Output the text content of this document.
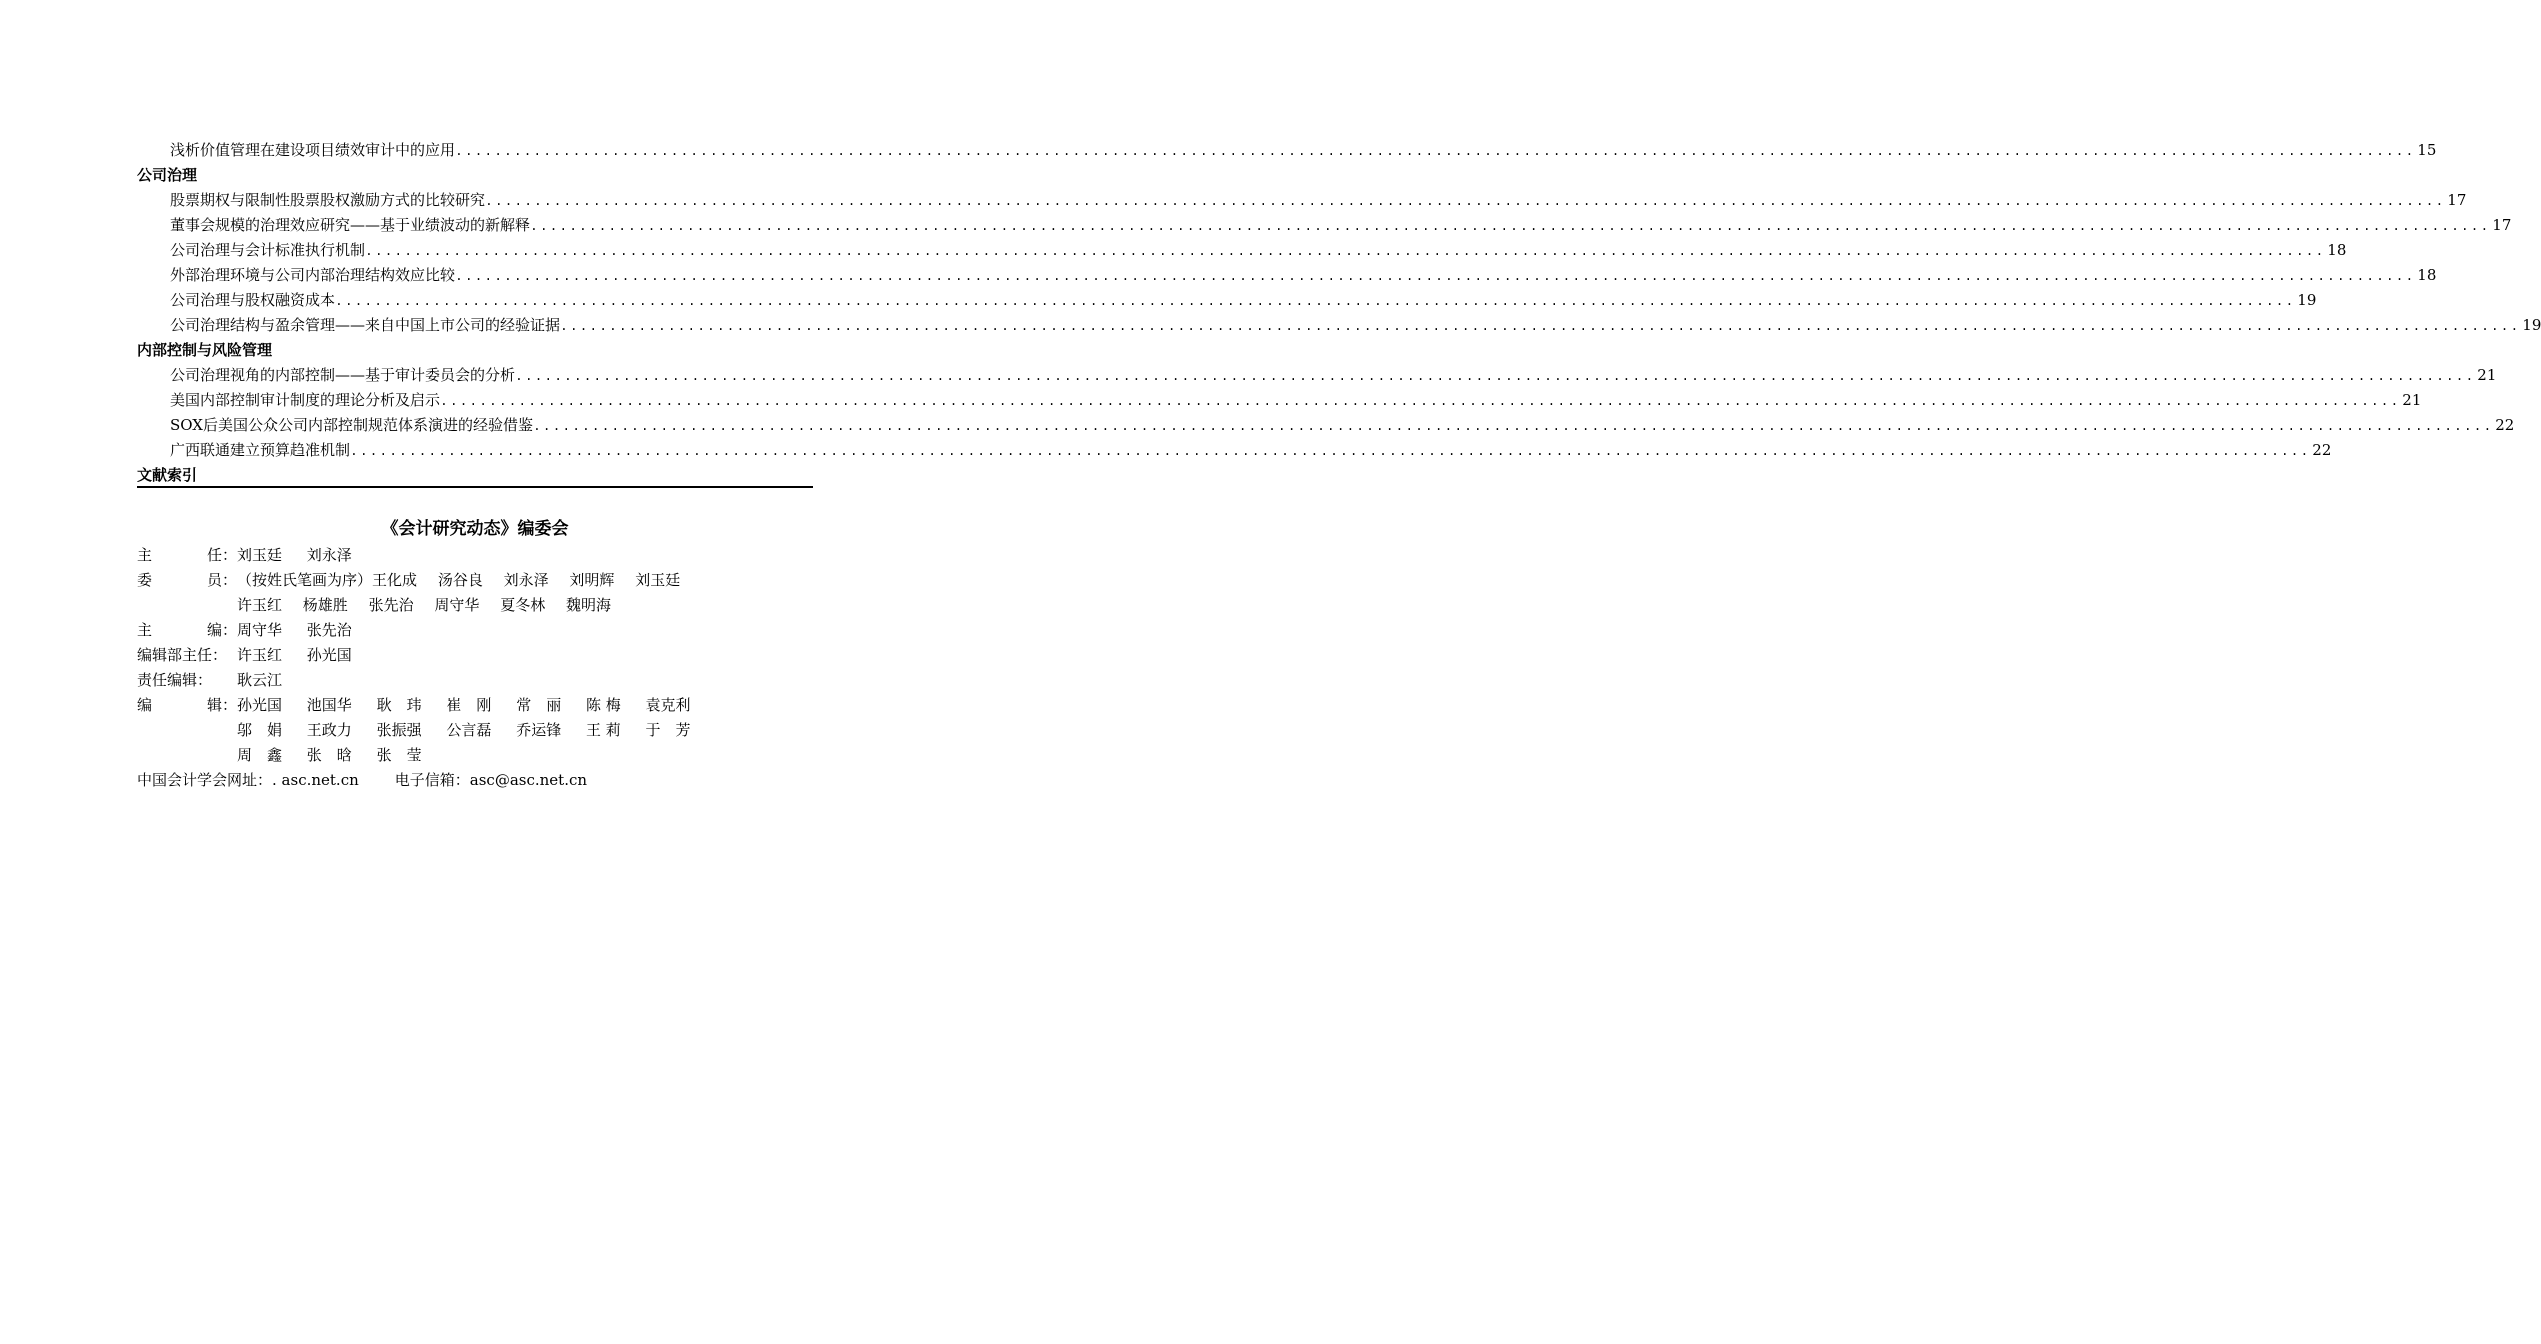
浅析价值管理在建设项目绩效审计中的应用 ........................................................................................................................................................................................................ 15
公司治理
股票期权与限制性股票股权激励方式的比较研究 ........................................................................................................................................................................................................ 17
董事会规模的治理效应研究——基于业绩波动的新解释 ........................................................................................................................................................................................................ 17
公司治理与会计标准执行机制 ........................................................................................................................................................................................................ 18
外部治理环境与公司内部治理结构效应比较 ........................................................................................................................................................................................................ 18
公司治理与股权融资成本 ........................................................................................................................................................................................................ 19
公司治理结构与盈余管理——来自中国上市公司的经验证据 ........................................................................................................................................................................................................ 19
内部控制与风险管理
公司治理视角的内部控制——基于审计委员会的分析 ........................................................................................................................................................................................................ 21
美国内部控制审计制度的理论分析及启示 ........................................................................................................................................................................................................ 21
SOX后美国公众公司内部控制规范体系演进的经验借鉴 ........................................................................................................................................................................................................ 22
广西联通建立预算趋准机制 ........................................................................................................................................................................................................ 22
文献索引
《会计研究动态》编委会
主	任： 刘玉廷 刘永泽
委	员： （按姓氏笔画为序）王化成 汤谷良 刘永泽 刘明辉 刘玉廷
许玉红 杨雄胜 张先治 周守华 夏冬林 魏明海
主	编： 周守华 张先治
编辑部主任： 许玉红 孙光国
责任编辑：	耿云江
编	辑： 孙光国 池国华 耿　玮 崔　刚 常　丽 陈 梅 袁克利
邬　娟 王政力 张振强 公言磊 乔运锋 王 莉 于　芳
周　鑫 张　晗 张　莹
中国会计学会网址：. asc.net.cn 电子信箱：asc@asc.net.cn
